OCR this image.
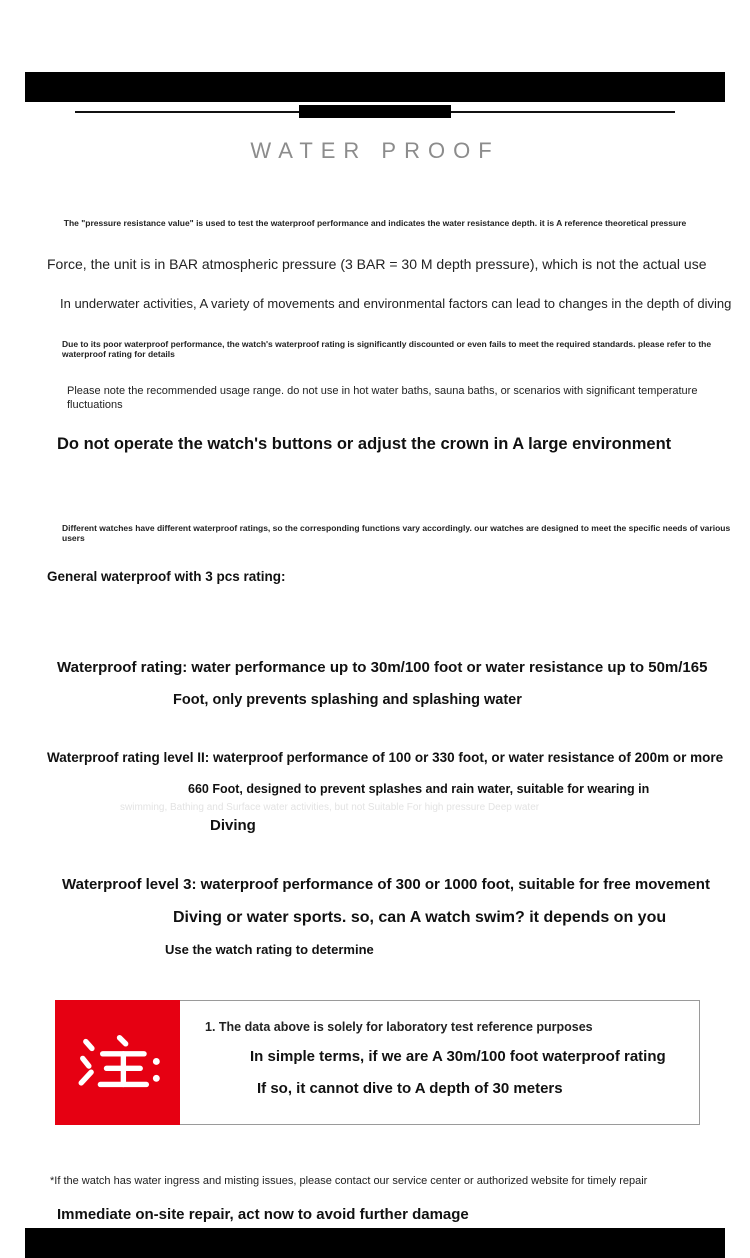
WATER PROOF

The "pressure resistance value" is used to test the waterproof performance and indicates the water resistance depth. it is A reference theoretical pressure

Force, the unit is in BAR atmospheric pressure (3 BAR = 30 M depth pressure), which is not the actual use

In underwater activities, A variety of movements and environmental factors can lead to changes in the depth of diving

Due to its poor waterproof performance, the watch's waterproof rating is significantly discounted or even fails to meet the required standards. please refer to the waterproof rating for details

Please note the recommended usage range. do not use in hot water baths, sauna baths, or scenarios with significant temperature fluctuations

Do not operate the watch's buttons or adjust the crown in A large environment

Different watches have different waterproof ratings, so the corresponding functions vary accordingly. our watches are designed to meet the specific needs of various users

General waterproof with 3 pcs rating:

Waterproof rating: water performance up to 30m/100 foot or water resistance up to 50m/165

Foot, only prevents splashing and splashing water

Waterproof rating level II: waterproof performance of 100 or 330 foot, or water resistance of 200m or more

660 Foot, designed to prevent splashes and rain water, suitable for wearing in

swimming, Bathing and Surface water activities, but not Suitable For high pressure Deep water

Diving

Waterproof level 3: waterproof performance of 300 or 1000 foot, suitable for free movement

Diving or water sports. so, can A watch swim? it depends on you

Use the watch rating to determine

1. The data above is solely for laboratory test reference purposes

In simple terms, if we are A 30m/100 foot waterproof rating

If so, it cannot dive to A depth of 30 meters

*If the watch has water ingress and misting issues, please contact our service center or authorized website for timely repair

Immediate on-site repair, act now to avoid further damage
